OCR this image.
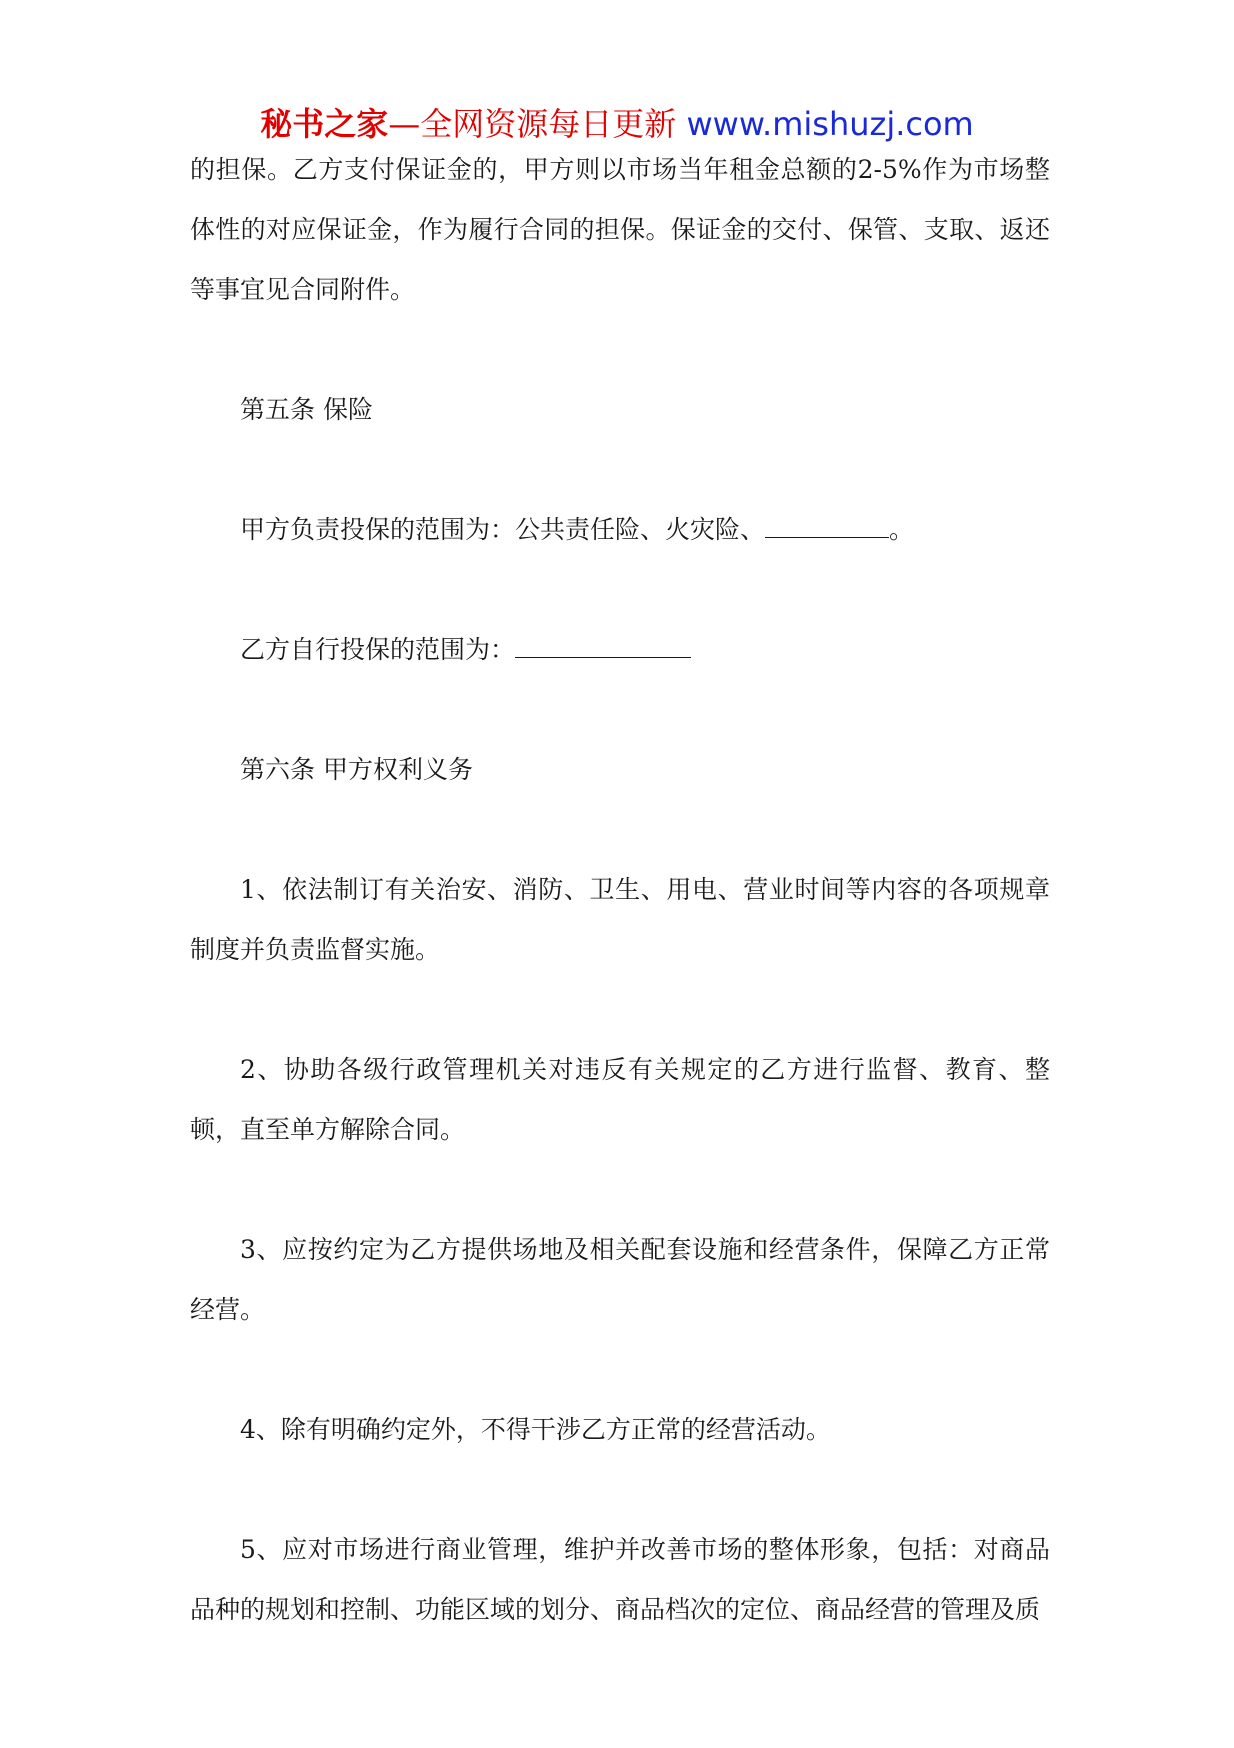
秘书之家—全网资源每日更新 www.mishuzj.com

的担保。乙方支付保证金的，甲方则以市场当年租金总额的2-5%作为市场整体性的对应保证金，作为履行合同的担保。保证金的交付、保管、支取、返还等事宜见合同附件。

第五条 保险

甲方负责投保的范围为：公共责任险、火灾险、	。

乙方自行投保的范围为：

第六条 甲方权利义务

1、依法制订有关治安、消防、卫生、用电、营业时间等内容的各项规章制度并负责监督实施。

2、协助各级行政管理机关对违反有关规定的乙方进行监督、教育、整顿，直至单方解除合同。

3、应按约定为乙方提供场地及相关配套设施和经营条件，保障乙方正常经营。

4、除有明确约定外，不得干涉乙方正常的经营活动。

5、应对市场进行商业管理，维护并改善市场的整体形象，包括：对商品品种的规划和控制、功能区域的划分、商品档次的定位、商品经营的管理及质
